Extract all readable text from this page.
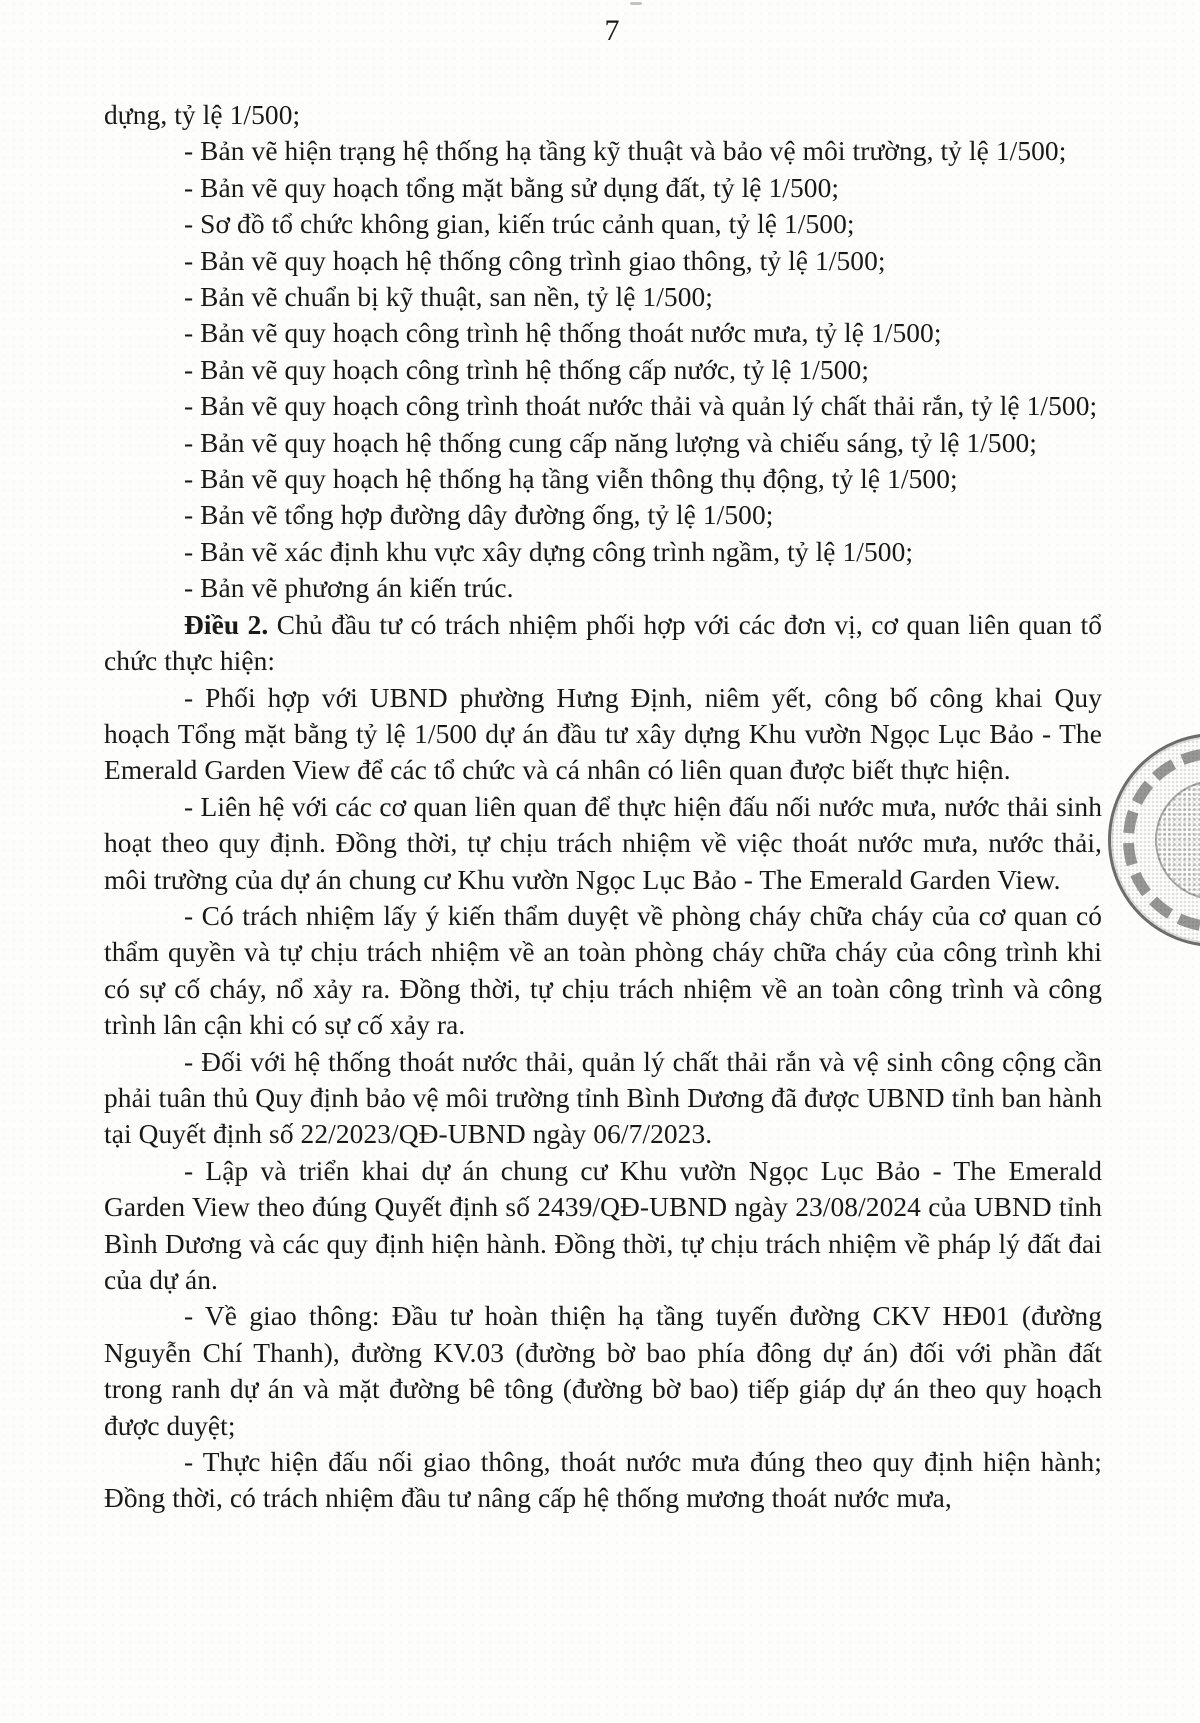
7

dựng, tỷ lệ 1/500;

- Bản vẽ hiện trạng hệ thống hạ tầng kỹ thuật và bảo vệ môi trường, tỷ lệ 1/500;

- Bản vẽ quy hoạch tổng mặt bằng sử dụng đất, tỷ lệ 1/500;

- Sơ đồ tổ chức không gian, kiến trúc cảnh quan, tỷ lệ 1/500;

- Bản vẽ quy hoạch hệ thống công trình giao thông, tỷ lệ 1/500;

- Bản vẽ chuẩn bị kỹ thuật, san nền, tỷ lệ 1/500;

- Bản vẽ quy hoạch công trình hệ thống thoát nước mưa, tỷ lệ 1/500;

- Bản vẽ quy hoạch công trình hệ thống cấp nước, tỷ lệ 1/500;

- Bản vẽ quy hoạch công trình thoát nước thải và quản lý chất thải rắn, tỷ lệ 1/500;

- Bản vẽ quy hoạch hệ thống cung cấp năng lượng và chiếu sáng, tỷ lệ 1/500;

- Bản vẽ quy hoạch hệ thống hạ tầng viễn thông thụ động, tỷ lệ 1/500;

- Bản vẽ tổng hợp đường dây đường ống, tỷ lệ 1/500;

- Bản vẽ xác định khu vực xây dựng công trình ngầm, tỷ lệ 1/500;

- Bản vẽ phương án kiến trúc.

Điều 2. Chủ đầu tư có trách nhiệm phối hợp với các đơn vị, cơ quan liên quan tổ chức thực hiện:

- Phối hợp với UBND phường Hưng Định, niêm yết, công bố công khai Quy hoạch Tổng mặt bằng tỷ lệ 1/500 dự án đầu tư xây dựng Khu vườn Ngọc Lục Bảo - The Emerald Garden View để các tổ chức và cá nhân có liên quan được biết thực hiện.

- Liên hệ với các cơ quan liên quan để thực hiện đấu nối nước mưa, nước thải sinh hoạt theo quy định. Đồng thời, tự chịu trách nhiệm về việc thoát nước mưa, nước thải, môi trường của dự án chung cư Khu vườn Ngọc Lục Bảo - The Emerald Garden View.

- Có trách nhiệm lấy ý kiến thẩm duyệt về phòng cháy chữa cháy của cơ quan có thẩm quyền và tự chịu trách nhiệm về an toàn phòng cháy chữa cháy của công trình khi có sự cố cháy, nổ xảy ra. Đồng thời, tự chịu trách nhiệm về an toàn công trình và công trình lân cận khi có sự cố xảy ra.

- Đối với hệ thống thoát nước thải, quản lý chất thải rắn và vệ sinh công cộng cần phải tuân thủ Quy định bảo vệ môi trường tỉnh Bình Dương đã được UBND tỉnh ban hành tại Quyết định số 22/2023/QĐ-UBND ngày 06/7/2023.

- Lập và triển khai dự án chung cư Khu vườn Ngọc Lục Bảo - The Emerald Garden View theo đúng Quyết định số 2439/QĐ-UBND ngày 23/08/2024 của UBND tỉnh Bình Dương và các quy định hiện hành. Đồng thời, tự chịu trách nhiệm về pháp lý đất đai của dự án.

- Về giao thông: Đầu tư hoàn thiện hạ tầng tuyến đường CKV HĐ01 (đường Nguyễn Chí Thanh), đường KV.03 (đường bờ bao phía đông dự án) đối với phần đất trong ranh dự án và mặt đường bê tông (đường bờ bao) tiếp giáp dự án theo quy hoạch được duyệt;

- Thực hiện đấu nối giao thông, thoát nước mưa đúng theo quy định hiện hành; Đồng thời, có trách nhiệm đầu tư nâng cấp hệ thống mương thoát nước mưa,
